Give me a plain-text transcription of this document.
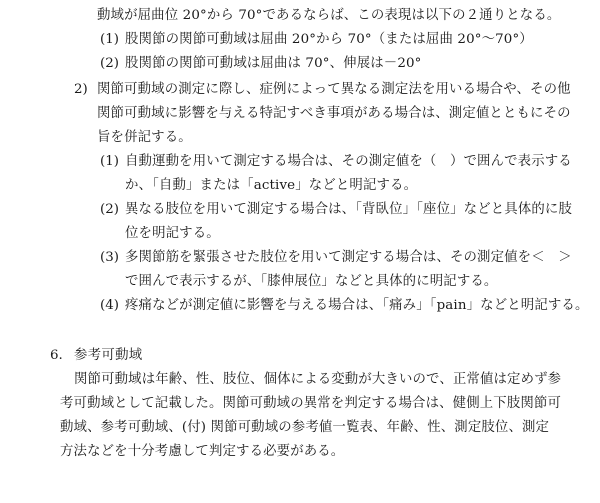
動域が屈曲位 20°から 70°であるならば、この表現は以下の２通りとなる。
(1) 股関節の関節可動域は屈曲 20°から 70°（または屈曲 20°～70°）
(2) 股関節の関節可動域は屈曲は 70°、伸展は－20°
2) 関節可動域の測定に際し、症例によって異なる測定法を用いる場合や、その他
関節可動域に影響を与える特記すべき事項がある場合は、測定値とともにその
旨を併記する。
(1) 自動運動を用いて測定する場合は、その測定値を（　）で囲んで表示する
か、「自動」または「active」などと明記する。
(2) 異なる肢位を用いて測定する場合は、「背臥位」「座位」などと具体的に肢
位を明記する。
(3) 多関節筋を緊張させた肢位を用いて測定する場合は、その測定値を＜　＞
で囲んで表示するが、「膝伸展位」などと具体的に明記する。
(4) 疼痛などが測定値に影響を与える場合は、「痛み」「pain」などと明記する。
6. 参考可動域
関節可動域は年齢、性、肢位、個体による変動が大きいので、正常値は定めず参
考可動域として記載した。関節可動域の異常を判定する場合は、健側上下肢関節可
動域、参考可動域、(付) 関節可動域の参考値一覧表、年齢、性、測定肢位、測定
方法などを十分考慮して判定する必要がある。
